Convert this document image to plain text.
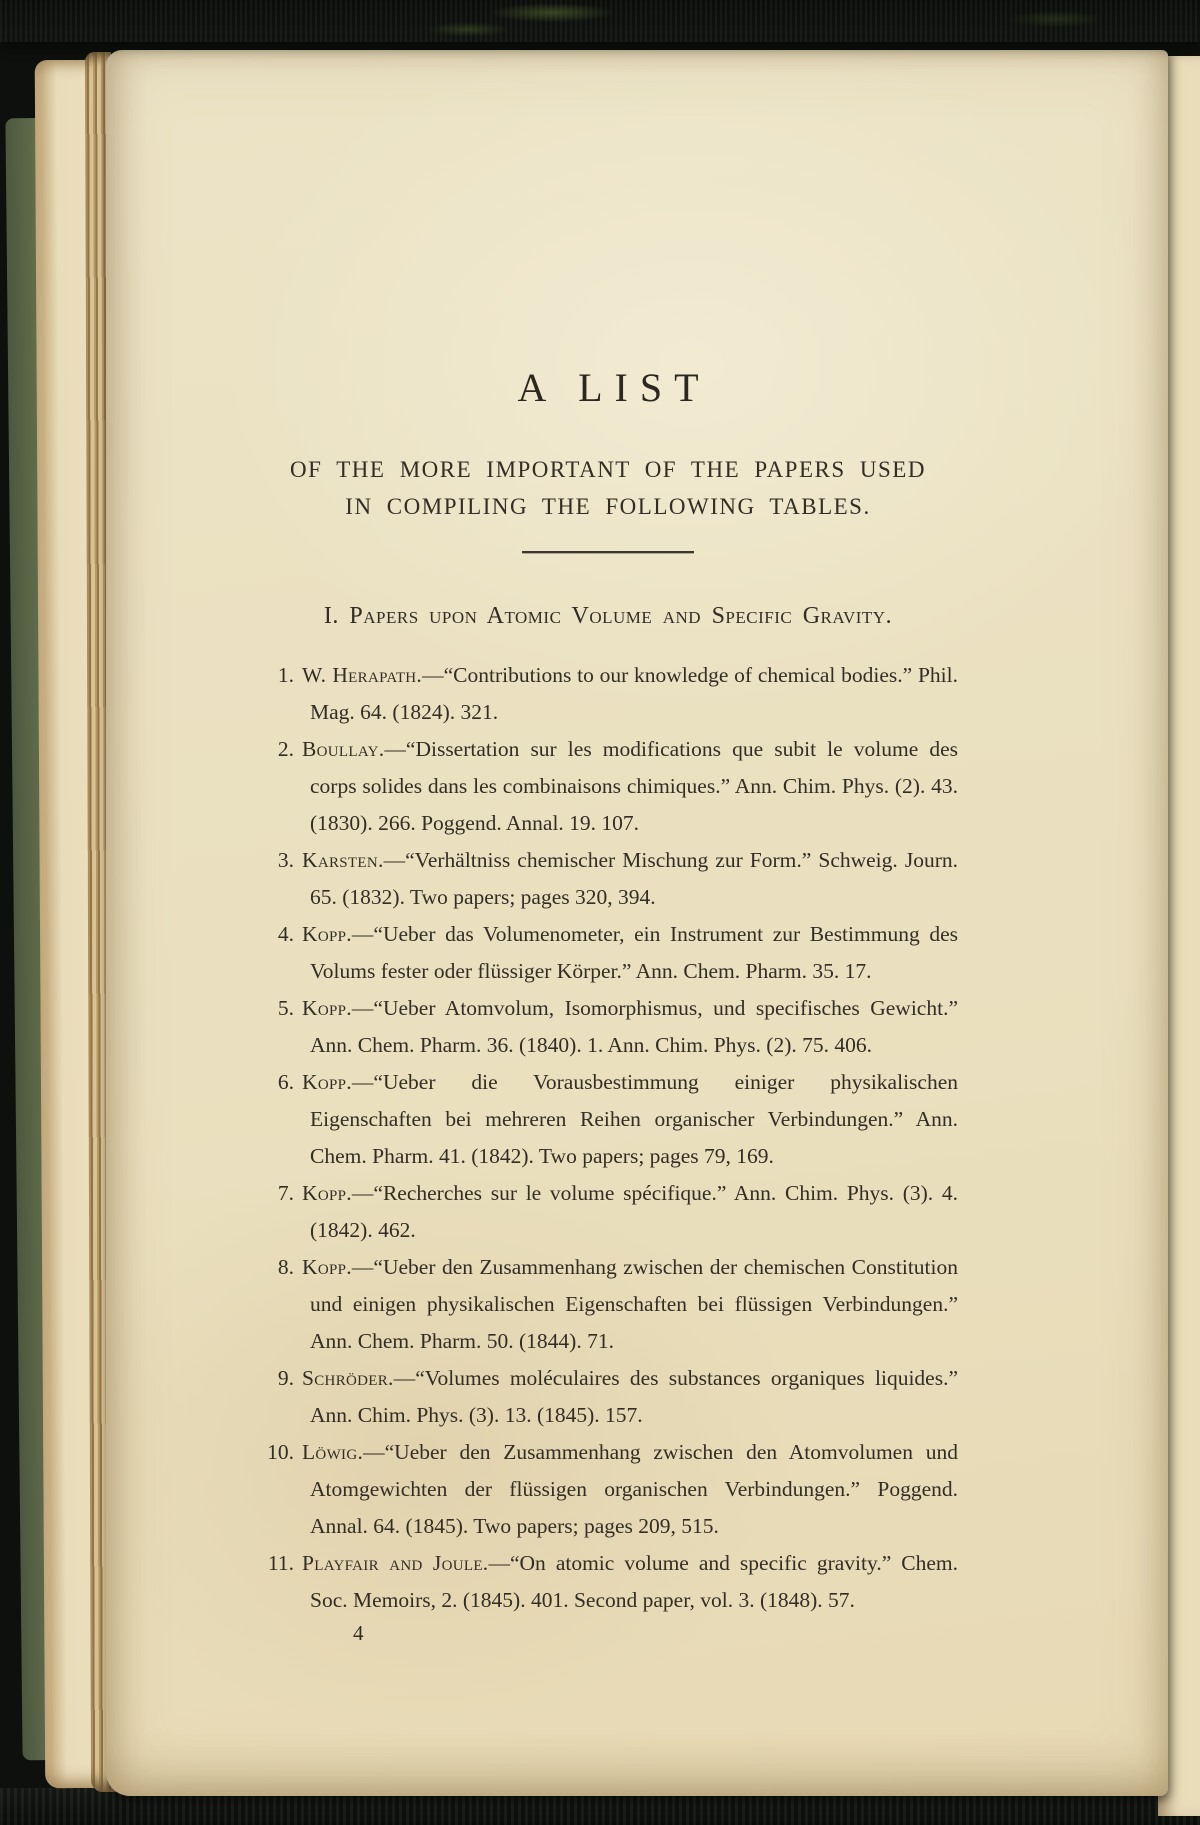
A LIST

OF THE MORE IMPORTANT OF THE PAPERS USED
IN COMPILING THE FOLLOWING TABLES.

I. Papers upon Atomic Volume and Specific Gravity.
1. W. Herapath.—“Contributions to our knowledge of chemical bodies.” Phil. Mag. 64. (1824). 321.
2. Boullay.—“Dissertation sur les modifications que subit le volume des corps solides dans les combinaisons chimiques.” Ann. Chim. Phys. (2). 43. (1830). 266. Poggend. Annal. 19. 107.
3. Karsten.—“Verhältniss chemischer Mischung zur Form.” Schweig. Journ. 65. (1832). Two papers; pages 320, 394.
4. Kopp.—“Ueber das Volumenometer, ein Instrument zur Bestimmung des Volums fester oder flüssiger Körper.” Ann. Chem. Pharm. 35. 17.
5. Kopp.—“Ueber Atomvolum, Isomorphismus, und specifisches Gewicht.” Ann. Chem. Pharm. 36. (1840). 1. Ann. Chim. Phys. (2). 75. 406.
6. Kopp.—“Ueber die Vorausbestimmung einiger physikalischen Eigenschaften bei mehreren Reihen organischer Verbindungen.” Ann. Chem. Pharm. 41. (1842). Two papers; pages 79, 169.
7. Kopp.—“Recherches sur le volume spécifique.” Ann. Chim. Phys. (3). 4. (1842). 462.
8. Kopp.—“Ueber den Zusammenhang zwischen der chemischen Constitution und einigen physikalischen Eigenschaften bei flüssigen Verbindungen.” Ann. Chem. Pharm. 50. (1844). 71.
9. Schröder.—“Volumes moléculaires des substances organiques liquides.” Ann. Chim. Phys. (3). 13. (1845). 157.
10. Löwig.—“Ueber den Zusammenhang zwischen den Atomvolumen und Atomgewichten der flüssigen organischen Verbindungen.” Poggend. Annal. 64. (1845). Two papers; pages 209, 515.
11. Playfair and Joule.—“On atomic volume and specific gravity.” Chem. Soc. Memoirs, 2. (1845). 401. Second paper, vol. 3. (1848). 57.
4
